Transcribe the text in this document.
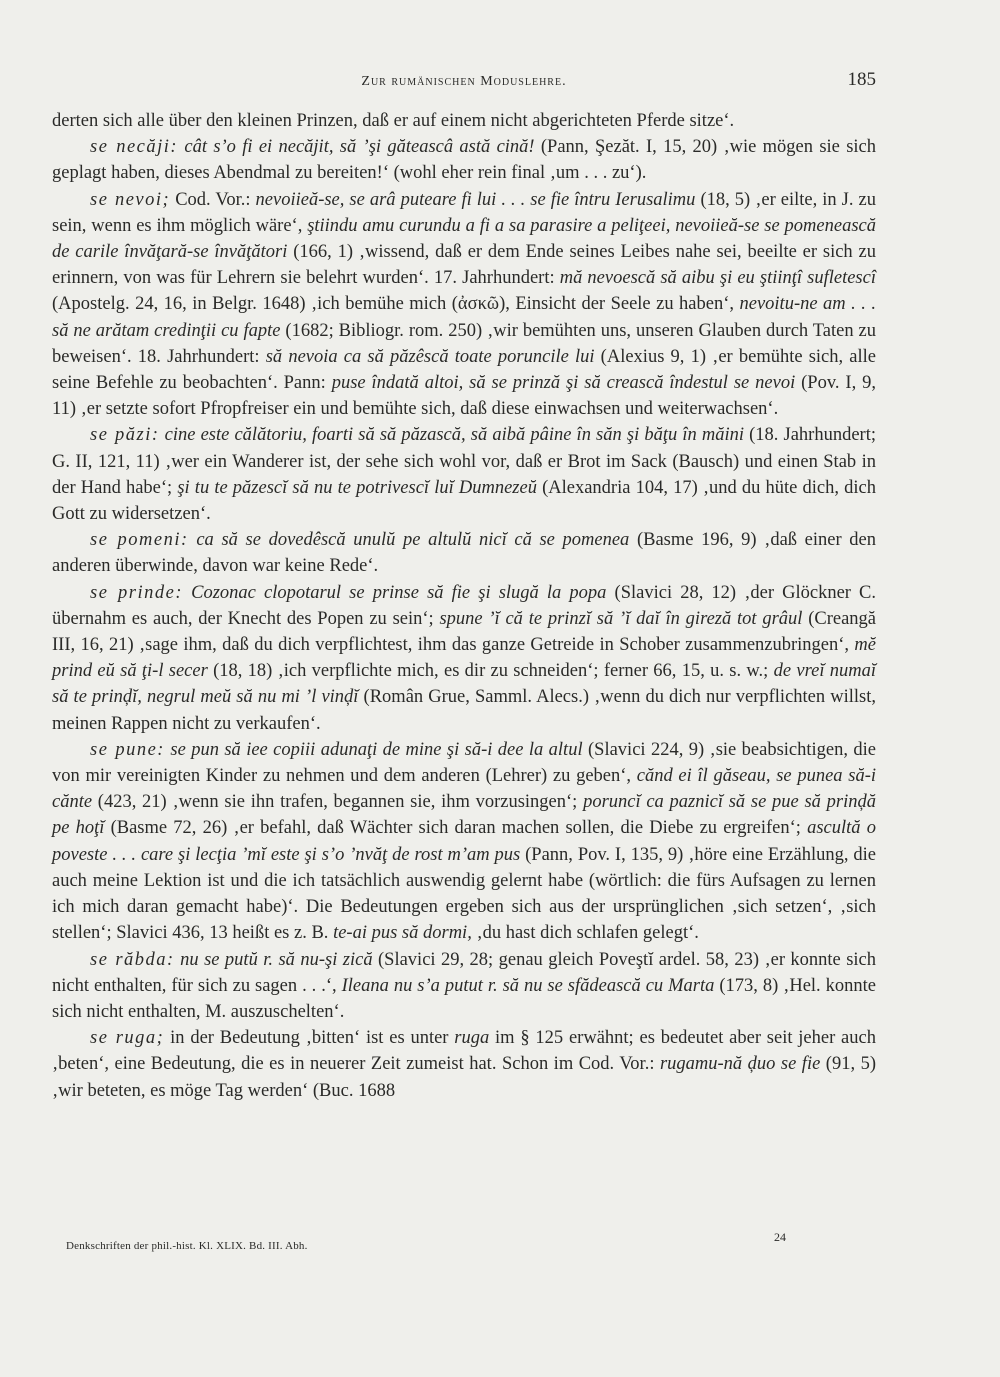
Zur rumänischen Moduslehre.	185

derten sich alle über den kleinen Prinzen, daß er auf einem nicht abgerichteten Pferde sitze‘.

se necăji: cât s’o fi ei necăjit, să ’şi găteascâ astă cină! (Pann, Şezăt. I, 15, 20) ‚wie mögen sie sich geplagt haben, dieses Abendmal zu bereiten!‘ (wohl eher rein final ‚um . . . zu‘).

se nevoi; Cod. Vor.: nevoiieă-se, se arâ puteare fi lui . . . se fie întru Ierusalimu (18, 5) ‚er eilte, in J. zu sein, wenn es ihm möglich wäre‘, ştiindu amu curundu a fi a sa parasire a peliţeei, nevoiieă-se se pomenească de carile învăţară-se învăţători (166, 1) ‚wissend, daß er dem Ende seines Leibes nahe sei, beeilte er sich zu erinnern, von was für Lehrern sie belehrt wurden‘. 17. Jahrhundert: mă nevoescă să aibu şi eu ştiinţî sufletescî (Apostelg. 24, 16, in Belgr. 1648) ‚ich bemühe mich (ἀσκῶ), Einsicht der Seele zu haben‘, nevoitu-ne am . . . să ne arătam credinţii cu fapte (1682; Bibliogr. rom. 250) ‚wir bemühten uns, unseren Glauben durch Taten zu beweisen‘. 18. Jahrhundert: să nevoia ca să păzêscă toate poruncile lui (Alexius 9, 1) ‚er bemühte sich, alle seine Befehle zu beobachten‘. Pann: puse îndată altoi, să se prinză şi să crească îndestul se nevoi (Pov. I, 9, 11) ‚er setzte sofort Pfropfreiser ein und bemühte sich, daß diese einwachsen und weiterwachsen‘.

se păzi: cine este călătoriu, foarti să să păzască, să aibă pâine în săn şi băţu în măini (18. Jahrhundert; G. II, 121, 11) ‚wer ein Wanderer ist, der sehe sich wohl vor, daß er Brot im Sack (Bausch) und einen Stab in der Hand habe‘; şi tu te păzescĭ să nu te potrivescĭ luĭ Dumnezeŭ (Alexandria 104, 17) ‚und du hüte dich, dich Gott zu widersetzen‘.

se pomeni: ca să se dovedêscă unulŭ pe altulŭ nicĭ că se pomenea (Basme 196, 9) ‚daß einer den anderen überwinde, davon war keine Rede‘.

se prinde: Cozonac clopotarul se prinse să fie şi slugă la popa (Slavici 28, 12) ‚der Glöckner C. übernahm es auch, der Knecht des Popen zu sein‘; spune ’ĭ că te prinzĭ să ’ĭ daĭ în gireză tot grâul (Creangă III, 16, 21) ‚sage ihm, daß du dich verpflichtest, ihm das ganze Getreide in Schober zusammenzubringen‘, mĕ prind eŭ să ţi-l secer (18, 18) ‚ich verpflichte mich, es dir zu schneiden‘; ferner 66, 15, u. s. w.; de vreĭ numaĭ să te prinḑĭ, negrul meŭ să nu mi ’l vinḑĭ (Român Grue, Samml. Alecs.) ‚wenn du dich nur verpflichten willst, meinen Rappen nicht zu verkaufen‘.

se pune: se pun să iee copiii adunaţi de mine şi să-i dee la altul (Slavici 224, 9) ‚sie beabsichtigen, die von mir vereinigten Kinder zu nehmen und dem anderen (Lehrer) zu geben‘, cănd ei îl găseau, se punea să-i cănte (423, 21) ‚wenn sie ihn trafen, begannen sie, ihm vorzusingen‘; poruncĭ ca paznicĭ să se pue să prinḑă pe hoţĭ (Basme 72, 26) ‚er befahl, daß Wächter sich daran machen sollen, die Diebe zu ergreifen‘; ascultă o poveste . . . care şi lecţia ’mĭ este şi s’o ’nvăţ de rost m’am pus (Pann, Pov. I, 135, 9) ‚höre eine Erzählung, die auch meine Lektion ist und die ich tatsächlich auswendig gelernt habe (wörtlich: die fürs Aufsagen zu lernen ich mich daran gemacht habe)‘. Die Bedeutungen ergeben sich aus der ursprünglichen ‚sich setzen‘, ‚sich stellen‘; Slavici 436, 13 heißt es z. B. te-ai pus să dormi, ‚du hast dich schlafen gelegt‘.

se răbda: nu se putŭ r. să nu-şi zică (Slavici 29, 28; genau gleich Poveştĭ ardel. 58, 23) ‚er konnte sich nicht enthalten, für sich zu sagen . . .‘, Ileana nu s’a putut r. să nu se sfădească cu Marta (173, 8) ‚Hel. konnte sich nicht enthalten, M. auszuschelten‘.

se ruga; in der Bedeutung ‚bitten‘ ist es unter ruga im § 125 erwähnt; es bedeutet aber seit jeher auch ‚beten‘, eine Bedeutung, die es in neuerer Zeit zumeist hat. Schon im Cod. Vor.: rugamu-nă ḑuo se fie (91, 5) ‚wir beteten, es möge Tag werden‘ (Buc. 1688

Denkschriften der phil.-hist. Kl. XLIX. Bd. III. Abh.
24
